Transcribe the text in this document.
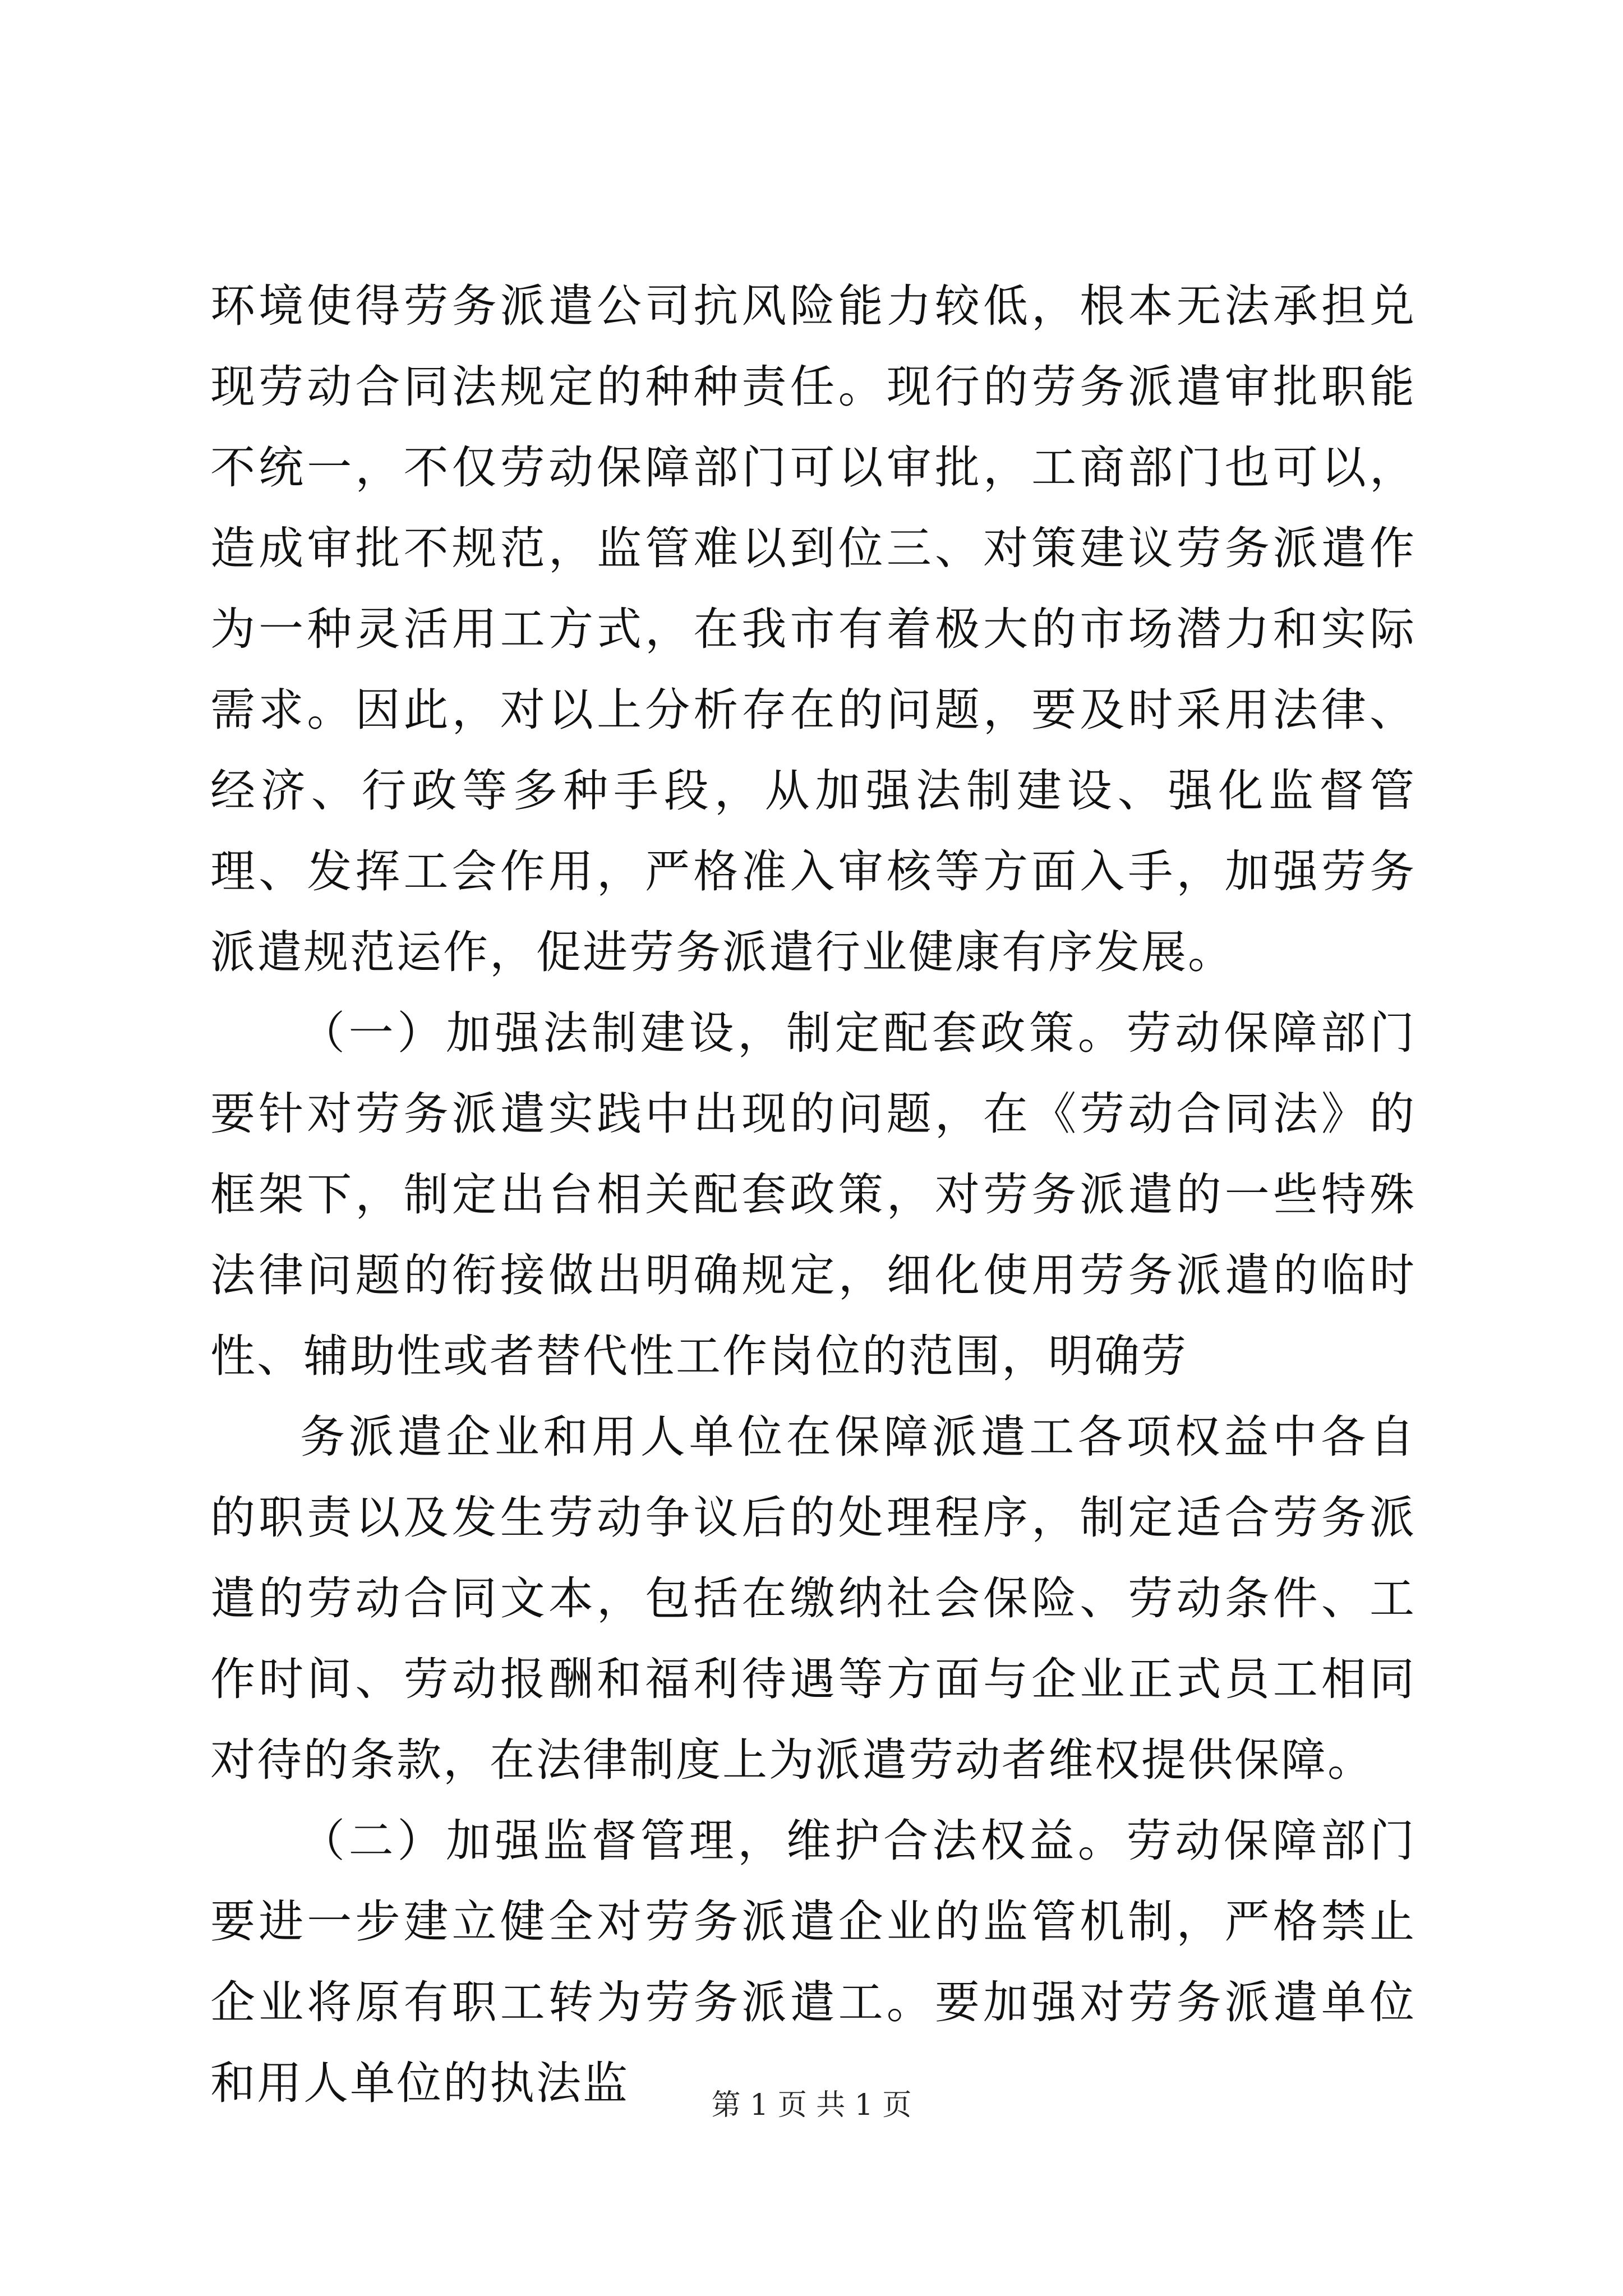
环境使得劳务派遣公司抗风险能力较低，根本无法承担兑现劳动合同法规定的种种责任。现行的劳务派遣审批职能不统一，不仅劳动保障部门可以审批，工商部门也可以，造成审批不规范，监管难以到位三、对策建议劳务派遣作为一种灵活用工方式，在我市有着极大的市场潜力和实际需求。因此，对以上分析存在的问题，要及时采用法律、经济、行政等多种手段，从加强法制建设、强化监督管理、发挥工会作用，严格准入审核等方面入手，加强劳务派遣规范运作，促进劳务派遣行业健康有序发展。

（一）加强法制建设，制定配套政策。劳动保障部门要针对劳务派遣实践中出现的问题，在《劳动合同法》的框架下，制定出台相关配套政策，对劳务派遣的一些特殊法律问题的衔接做出明确规定，细化使用劳务派遣的临时性、辅助性或者替代性工作岗位的范围，明确劳

务派遣企业和用人单位在保障派遣工各项权益中各自的职责以及发生劳动争议后的处理程序，制定适合劳务派遣的劳动合同文本，包括在缴纳社会保险、劳动条件、工作时间、劳动报酬和福利待遇等方面与企业正式员工相同对待的条款，在法律制度上为派遣劳动者维权提供保障。

（二）加强监督管理，维护合法权益。劳动保障部门要进一步建立健全对劳务派遣企业的监管机制，严格禁止企业将原有职工转为劳务派遣工。要加强对劳务派遣单位和用人单位的执法监	第 1 页 共 1 页
